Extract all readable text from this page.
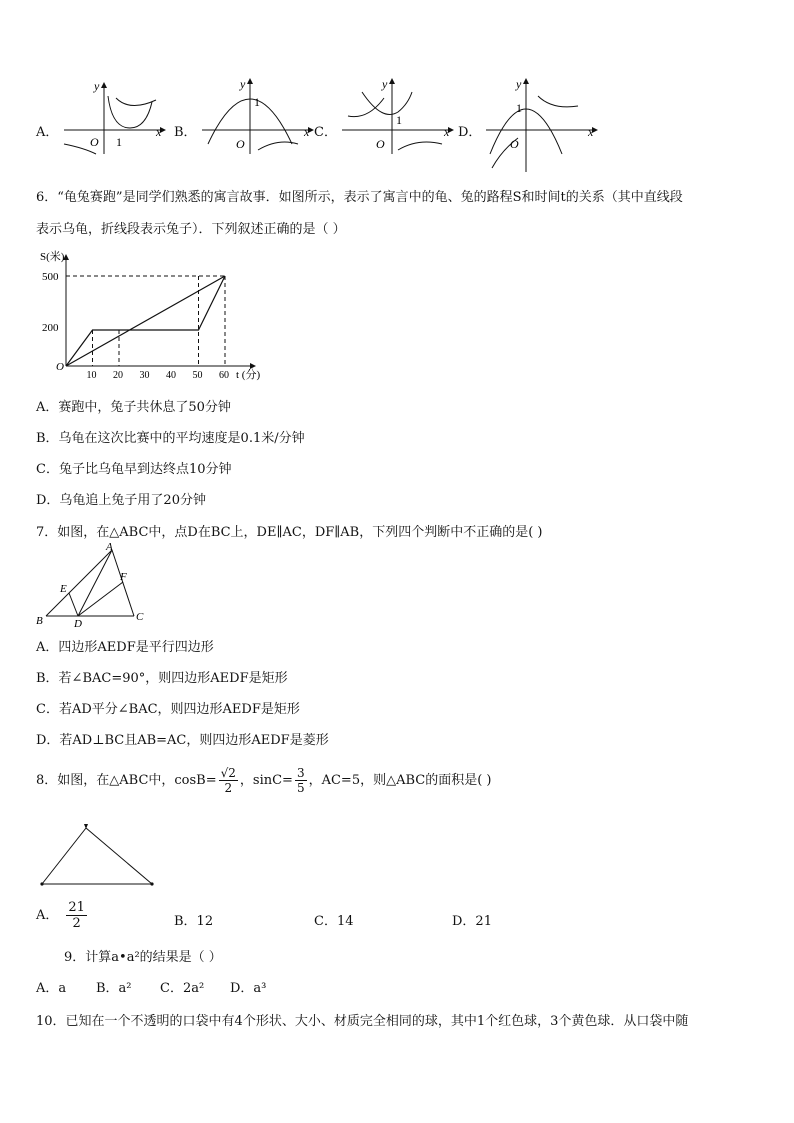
A．
y
O 1
x B．
y
1
O
x C．
y
1
O
x D．
y
1
O
x
6．“龟兔赛跑”是同学们熟悉的寓言故事．如图所示，表示了寓言中的龟、兔的路程S和时间t的关系（其中直线段
表示乌龟，折线段表示兔子）．下列叙述正确的是（ ）
S(米)
t (分)
O
500
200
10 20 30 40 50 60
A．赛跑中，兔子共休息了50分钟
B．乌龟在这次比赛中的平均速度是0.1米/分钟
C．兔子比乌龟早到达终点10分钟
D．乌龟追上兔子用了20分钟
7．如图，在△ABC中，点D在BC上，DE∥AC，DF∥AB，下列四个判断中不正确的是( )
A
B	C
D
E
F
A．四边形AEDF是平行四边形
B．若∠BAC=90°，则四边形AEDF是矩形
C．若AD平分∠BAC，则四边形AEDF是矩形
D．若AD⊥BC且AB=AC，则四边形AEDF是菱形
8．如图，在△ABC中，$\cos B= \frac{√2}{2}$ ，$\sin C= \frac{3}{5}$ ，AC=5，则△ABC的面积是( )
A． $\frac{21}{2}$	B．12	C．14	D．21
9．计算a•a²的结果是（ ）
A．a B．a² C．2a² D．a³
10．已知在一个不透明的口袋中有4个形状、大小、材质完全相同的球，其中1个红色球，3个黄色球．从口袋中随
